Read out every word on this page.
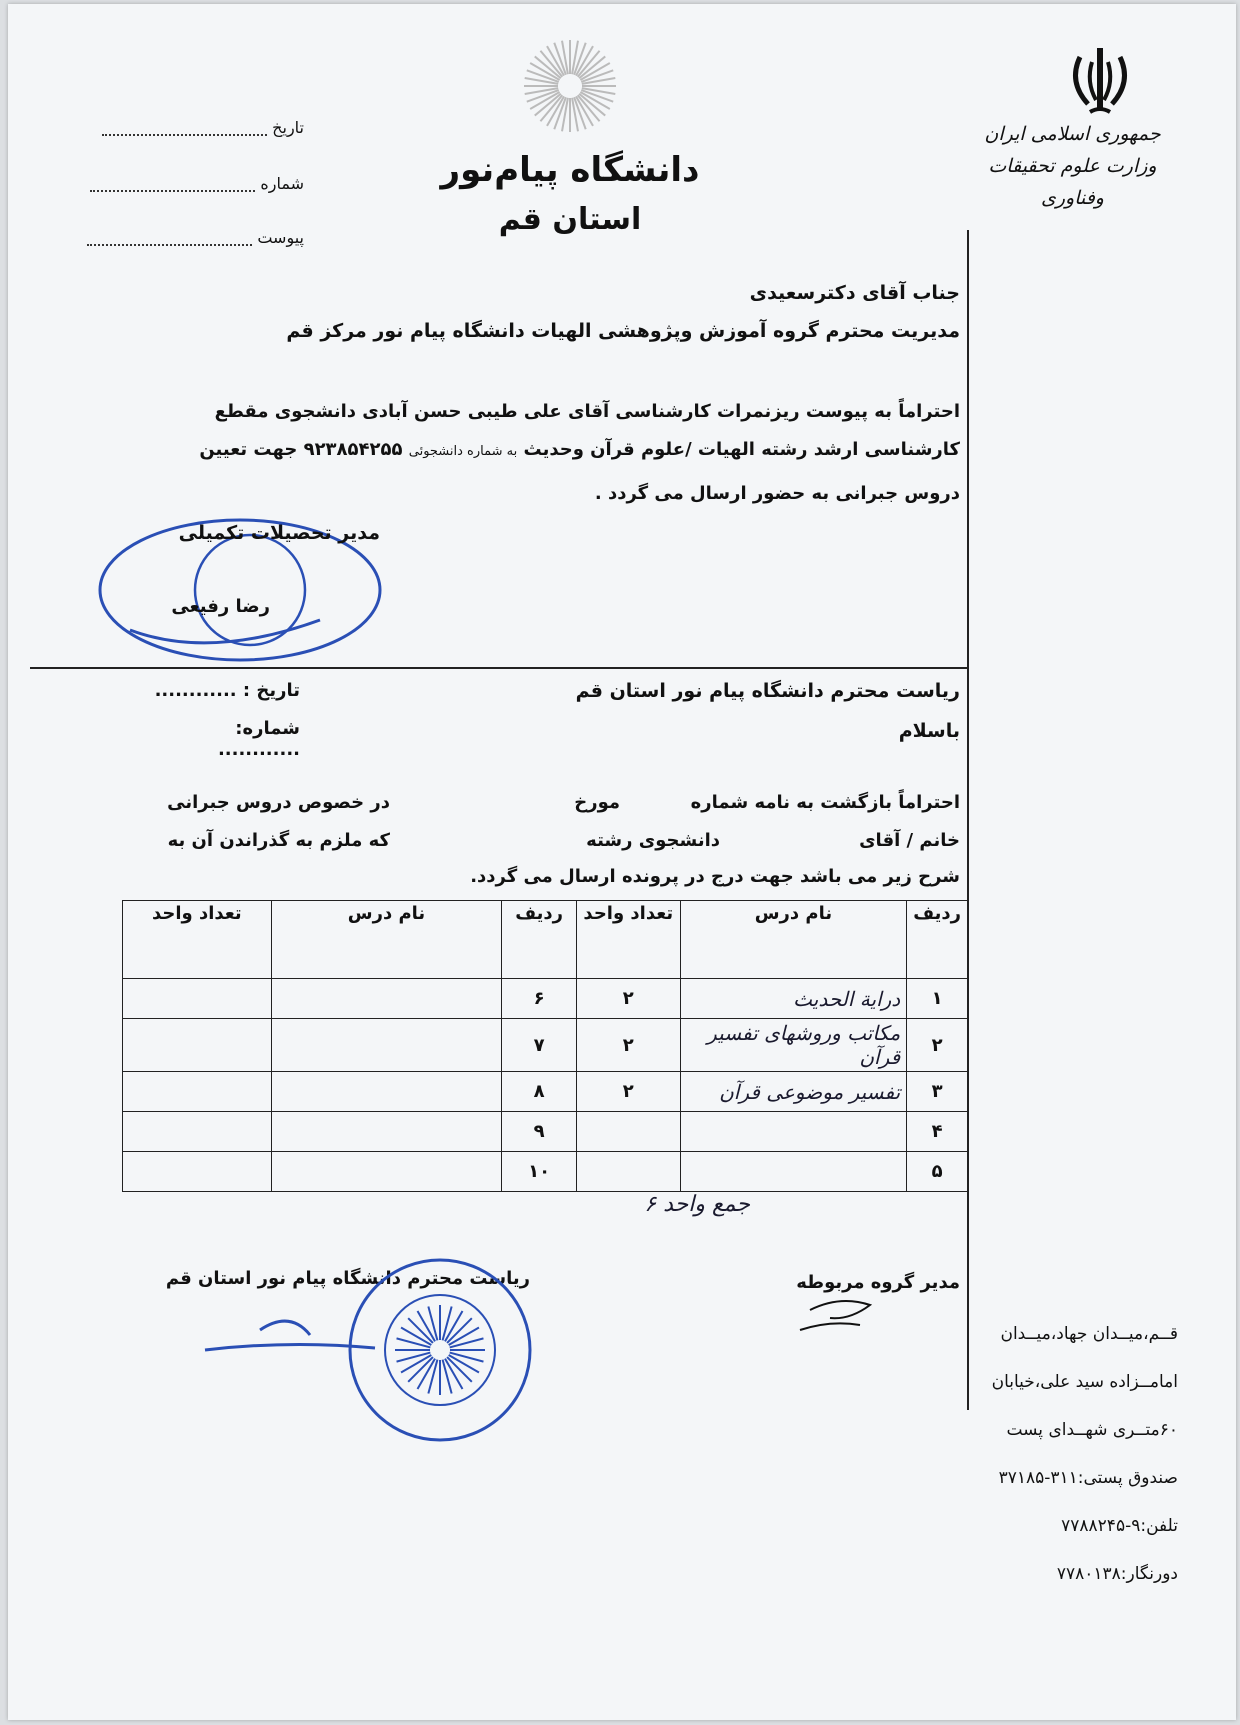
جمهوری اسلامی ایران
وزارت علوم تحقیقات وفناوری
دانشگاه پیام‌نور
استان قم
تاریخ
شماره
پیوست
جناب آقای دکترسعیدی
مدیریت محترم گروه آموزش وپژوهشی الهیات دانشگاه پیام نور مرکز قم
احتراماً به پیوست ریزنمرات کارشناسی آقای علی طیبی حسن آبادی دانشجوی مقطع
کارشناسی ارشد رشته الهیات /علوم قرآن وحدیث به شماره دانشجوئی ۹۲۳۸۵۴۲۵۵ جهت تعیین
دروس جبرانی به حضور ارسال می گردد .
مدیر تحصیلات تکمیلی
رضا رفیعی
ریاست محترم دانشگاه پیام نور استان قم
باسلام
تاریخ : ............
شماره: ............
احتراماً بازگشت به نامه شماره
مورخ
در خصوص دروس جبرانی
خانم / آقای
دانشجوی رشته
که ملزم به گذراندن آن به
شرح زیر می باشد جهت درج در پرونده ارسال می گردد.
ردیف	نام درس	تعداد واحد	ردیف	نام درس	تعداد واحد
۱	درایة الحدیث	۲	۶		
۲	مکاتب وروشهای تفسیر قرآن	۲	۷		
۳	تفسیر موضوعی قرآن	۲	۸		
۴			۹		
۵			۱۰		
جمع واحد ۶
مدیر گروه مربوطه
ریاست محترم دانشگاه پیام نور استان قم
قــم،میــدان جهاد،میــدان
امامــزاده سید علی،خیابان
۶۰متــری شهــدای پست
صندوق پستی:۳۱۱-۳۷۱۸۵
تلفن:۹-۷۷۸۸۲۴۵
دورنگار:۷۷۸۰۱۳۸
